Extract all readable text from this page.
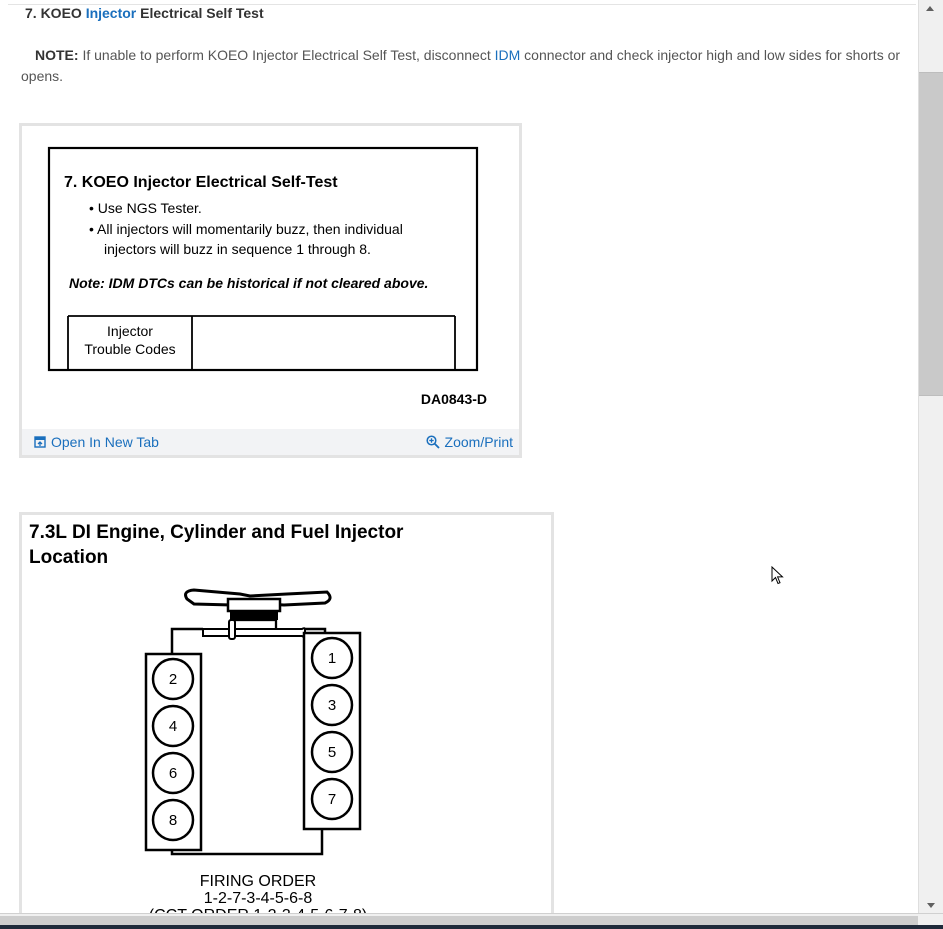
7. KOEO Injector Electrical Self Test
NOTE: If unable to perform KOEO Injector Electrical Self Test, disconnect IDM connector and check injector high and low sides for shorts or opens.
7. KOEO Injector Electrical Self-Test
• Use NGS Tester.
• All injectors will momentarily buzz, then individual
injectors will buzz in sequence 1 through 8.
Note: IDM DTCs can be historical if not cleared above.
Injector
Trouble Codes
DA0843-D
Open In New Tab	Zoom/Print
7.3L DI Engine, Cylinder and Fuel Injector
Location
2
4
6
8
1
3
5
7
FIRING ORDER
1-2-7-3-4-5-6-8
